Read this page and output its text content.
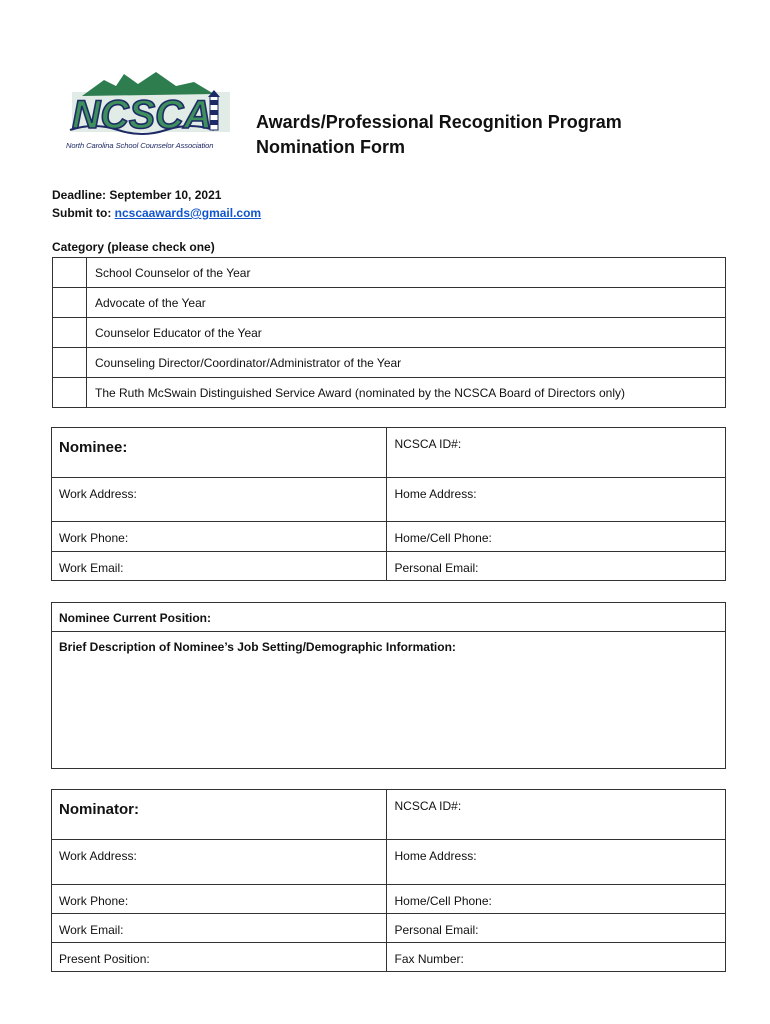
NCSCA
North Carolina School Counselor Association
Awards/Professional Recognition Program
Nomination Form
Deadline: September 10, 2021
Submit to: ncscaawards@gmail.com
Category (please check one)
	School Counselor of the Year
	Advocate of the Year
	Counselor Educator of the Year
	Counseling Director/Coordinator/Administrator of the Year
	The Ruth McSwain Distinguished Service Award (nominated by the NCSCA Board of Directors only)
Nominee:	NCSCA ID#:
Work Address:	Home Address:
Work Phone:	Home/Cell Phone:
Work Email:	Personal Email:
Nominee Current Position:
Brief Description of Nominee’s Job Setting/Demographic Information:
Nominator:	NCSCA ID#:
Work Address:	Home Address:
Work Phone:	Home/Cell Phone:
Work Email:	Personal Email:
Present Position:	Fax Number:
